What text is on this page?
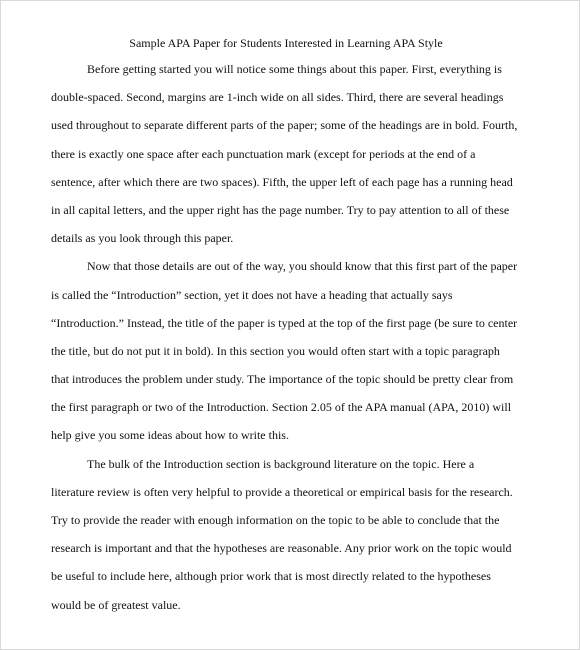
Sample APA Paper for Students Interested in Learning APA Style
Before getting started you will notice some things about this paper. First, everything is
double-spaced. Second, margins are 1-inch wide on all sides. Third, there are several headings
used throughout to separate different parts of the paper; some of the headings are in bold. Fourth,
there is exactly one space after each punctuation mark (except for periods at the end of a
sentence, after which there are two spaces). Fifth, the upper left of each page has a running head
in all capital letters, and the upper right has the page number. Try to pay attention to all of these
details as you look through this paper.
Now that those details are out of the way, you should know that this first part of the paper
is called the “Introduction” section, yet it does not have a heading that actually says
“Introduction.” Instead, the title of the paper is typed at the top of the first page (be sure to center
the title, but do not put it in bold). In this section you would often start with a topic paragraph
that introduces the problem under study. The importance of the topic should be pretty clear from
the first paragraph or two of the Introduction. Section 2.05 of the APA manual (APA, 2010) will
help give you some ideas about how to write this.
The bulk of the Introduction section is background literature on the topic. Here a
literature review is often very helpful to provide a theoretical or empirical basis for the research.
Try to provide the reader with enough information on the topic to be able to conclude that the
research is important and that the hypotheses are reasonable. Any prior work on the topic would
be useful to include here, although prior work that is most directly related to the hypotheses
would be of greatest value.
